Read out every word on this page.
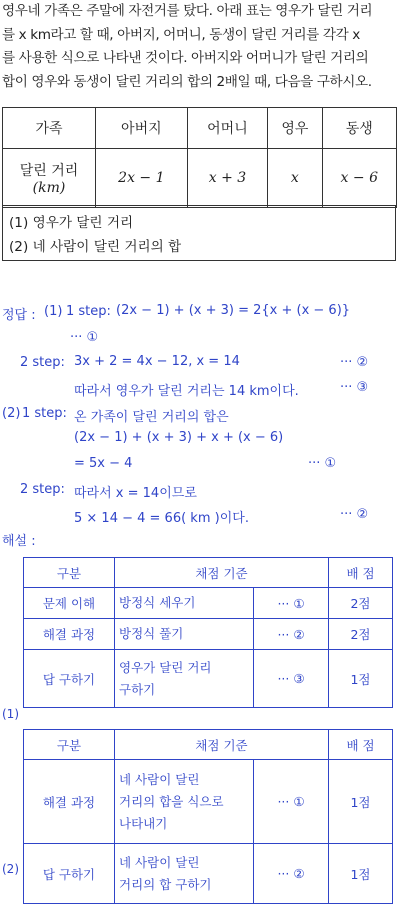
영우네 가족은 주말에 자전거를 탔다. 아래 표는 영우가 달린 거리
를 x km라고 할 때, 아버지, 어머니, 동생이 달린 거리를 각각 x
를 사용한 식으로 나타낸 것이다. 아버지와 어머니가 달린 거리의
합이 영우와 동생이 달린 거리의 합의 2배일 때, 다음을 구하시오.
가족	아버지	어머니	영우	동생

달린 거리
(km)	2x − 1	x + 3	x	x − 6
(1) 영우가 달린 거리
(2) 네 사람이 달린 거리의 합
정답 : (1) 1 step: (2x − 1) + (x + 3) = 2{x + (x − 6)}
··· ①
2 step: 3x + 2 = 4x − 12, x = 14	··· ②
따라서 영우가 달린 거리는 14 km이다.	··· ③
(2) 1 step: 온 가족이 달린 거리의 합은
(2x − 1) + (x + 3) + x + (x − 6)
= 5x − 4	··· ①
2 step: 따라서 x = 14이므로
5 × 14 − 4 = 66( km )이다.	··· ②
해설 :
(1)
구분	채점 기준		배 점
문제 이해	방정식 세우기	··· ①	2점
해결 과정	방정식 풀기	··· ②	2점
답 구하기	영우가 달린 거리
구하기	··· ③	1점
(2)
구분	채점 기준		배 점
해결 과정	네 사람이 달린
거리의 합을 식으로
나타내기	··· ①	1점
답 구하기	네 사람이 달린
거리의 합 구하기	··· ②	1점
